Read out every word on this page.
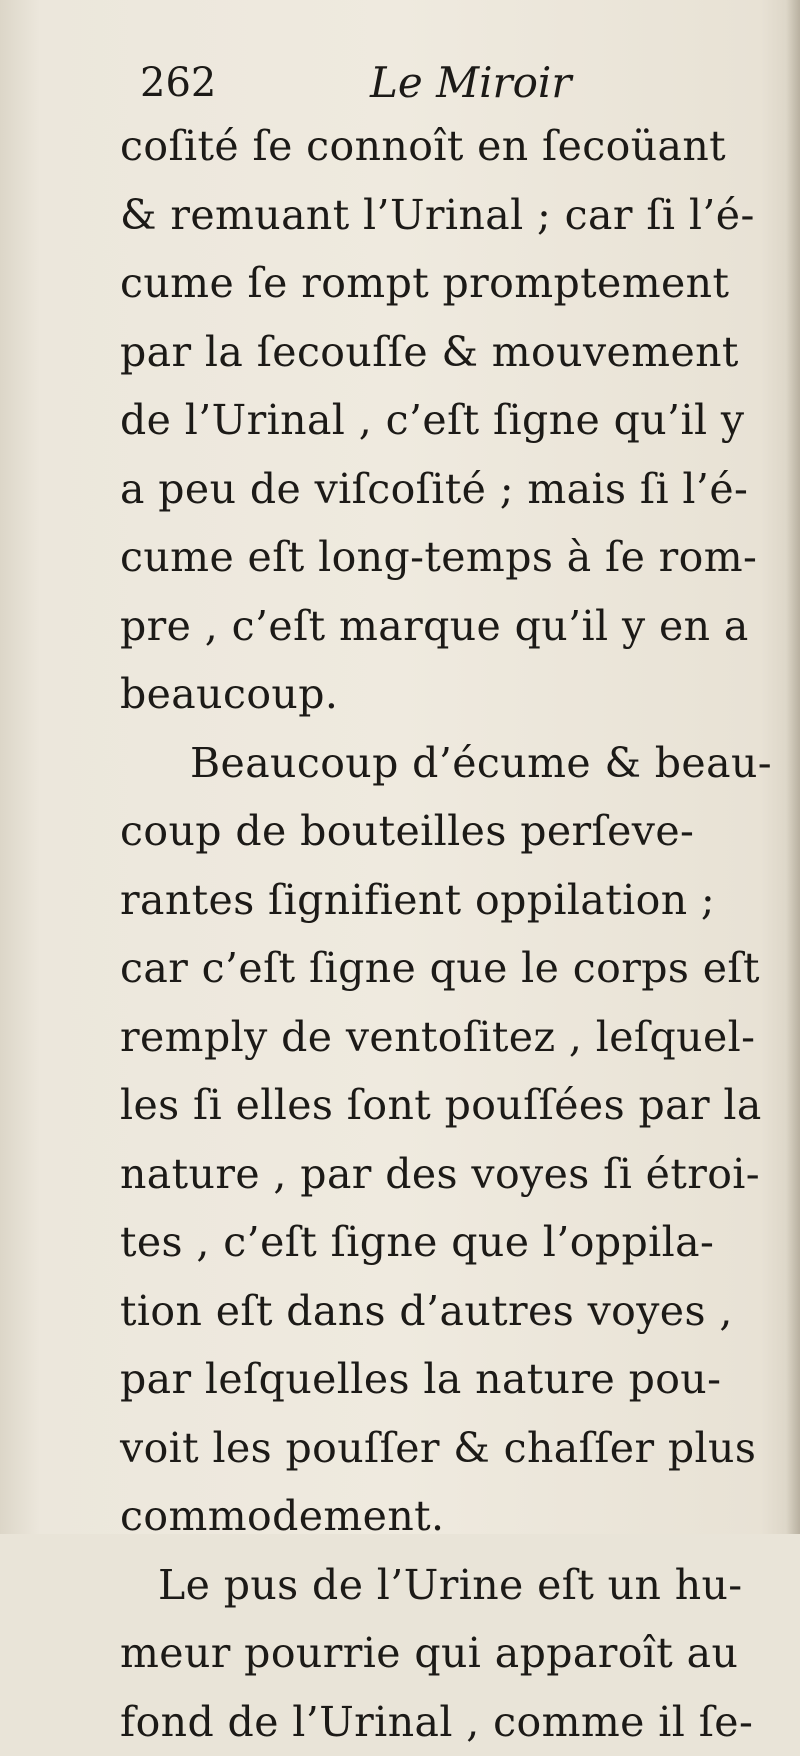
262	Le Miroir
coſité ſe connoît en ſecoüant
& remuant l’Urinal ; car ſi l’é-
cume ſe rompt promptement
par la ſecouſſe & mouvement
de l’Urinal , c’eſt ſigne qu’il y
a peu de viſcoſité ; mais ſi l’é-
cume eſt long-temps à ſe rom-
pre , c’eſt marque qu’il y en a
beaucoup.
Beaucoup d’écume & beau-
coup de bouteilles perſeve-
rantes ſignifient oppilation ;
car c’eſt ſigne que le corps eſt
remply de ventoſitez , leſquel-
les ſi elles ſont pouſſées par la
nature , par des voyes ſi étroi-
tes , c’eſt ſigne que l’oppila-
tion eſt dans d’autres voyes ,
par leſquelles la nature pou-
voit les pouſſer & chaſſer plus
commodement.
Le pus de l’Urine eſt un hu-
meur pourrie qui apparoît au
fond de l’Urinal , comme il ſe-
